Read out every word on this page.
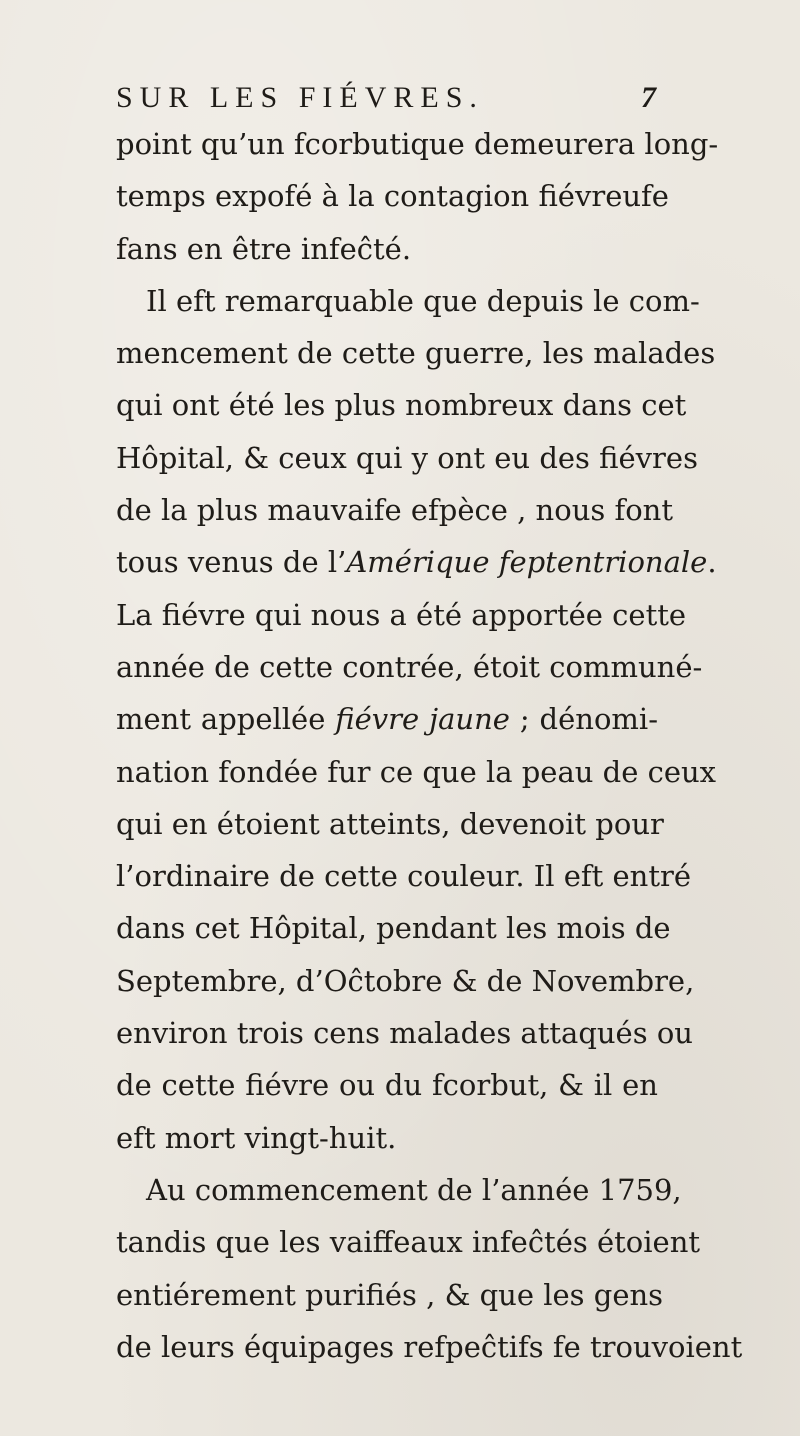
SUR LES FIÉVRES.	7
point qu’un fcorbutique demeurera long-
temps expofé à la contagion fiévreufe
fans en être infeĉté.
Il eft remarquable que depuis le com-
mencement de cette guerre, les malades
qui ont été les plus nombreux dans cet
Hôpital, & ceux qui y ont eu des fiévres
de la plus mauvaife efpèce , nous font
tous venus de l’Amérique feptentrionale.
La fiévre qui nous a été apportée cette
année de cette contrée, étoit communé-
ment appellée fiévre jaune ; dénomi-
nation fondée fur ce que la peau de ceux
qui en étoient atteints, devenoit pour
l’ordinaire de cette couleur. Il eft entré
dans cet Hôpital, pendant les mois de
Septembre, d’Oĉtobre & de Novembre,
environ trois cens malades attaqués ou
de cette fiévre ou du fcorbut, & il en
eft mort vingt-huit.
Au commencement de l’année 1759,
tandis que les vaiffeaux infeĉtés étoient
entiérement purifiés , & que les gens
de leurs équipages refpeĉtifs fe trouvoient
